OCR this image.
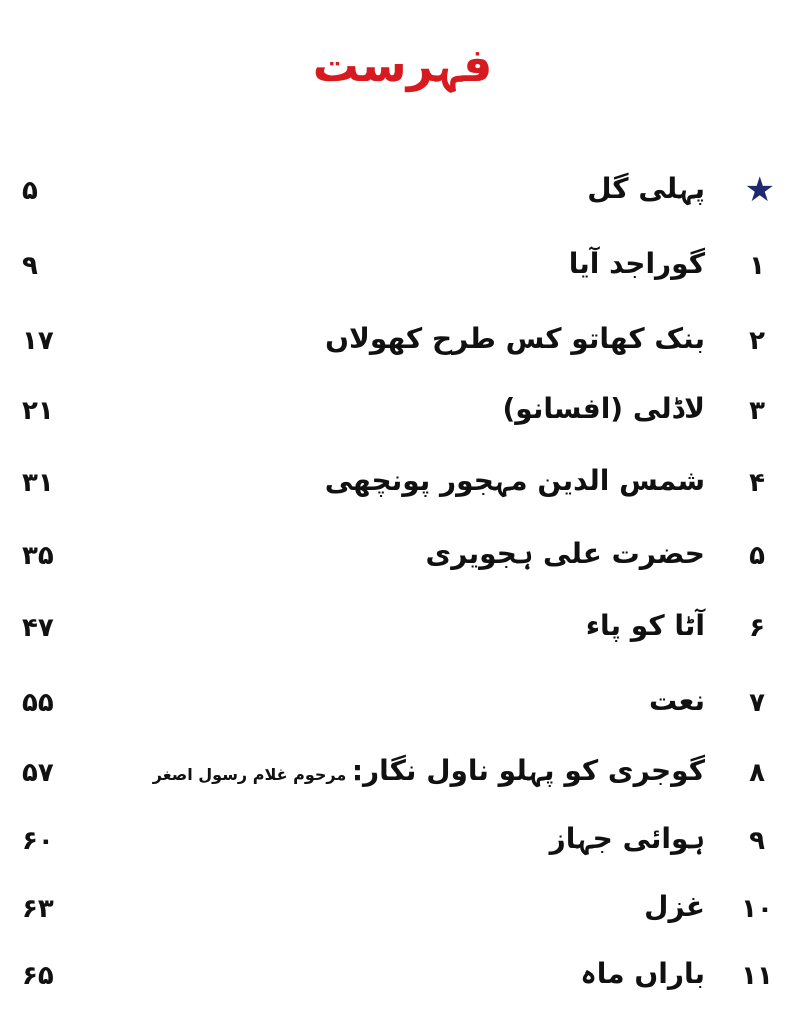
فہرست
★
پہلی گل
۵
۱
گوراجد آیا
۹
۲
بنک کھاتو کس طرح کھولاں
۱۷
۳
لاڈلی (افسانو)
۲۱
۴
شمس الدین مہجور پونچھی
۳۱
۵
حضرت علی ہجویری
۳۵
۶
آٹا کو پاء
۴۷
۷
نعت
۵۵
۸
گوجری کو پہلو ناول نگار: مرحوم غلام رسول اصغر
۵۷
۹
ہوائی جہاز
۶۰
۱۰
غزل
۶۳
۱۱
باراں ماہ
۶۵
